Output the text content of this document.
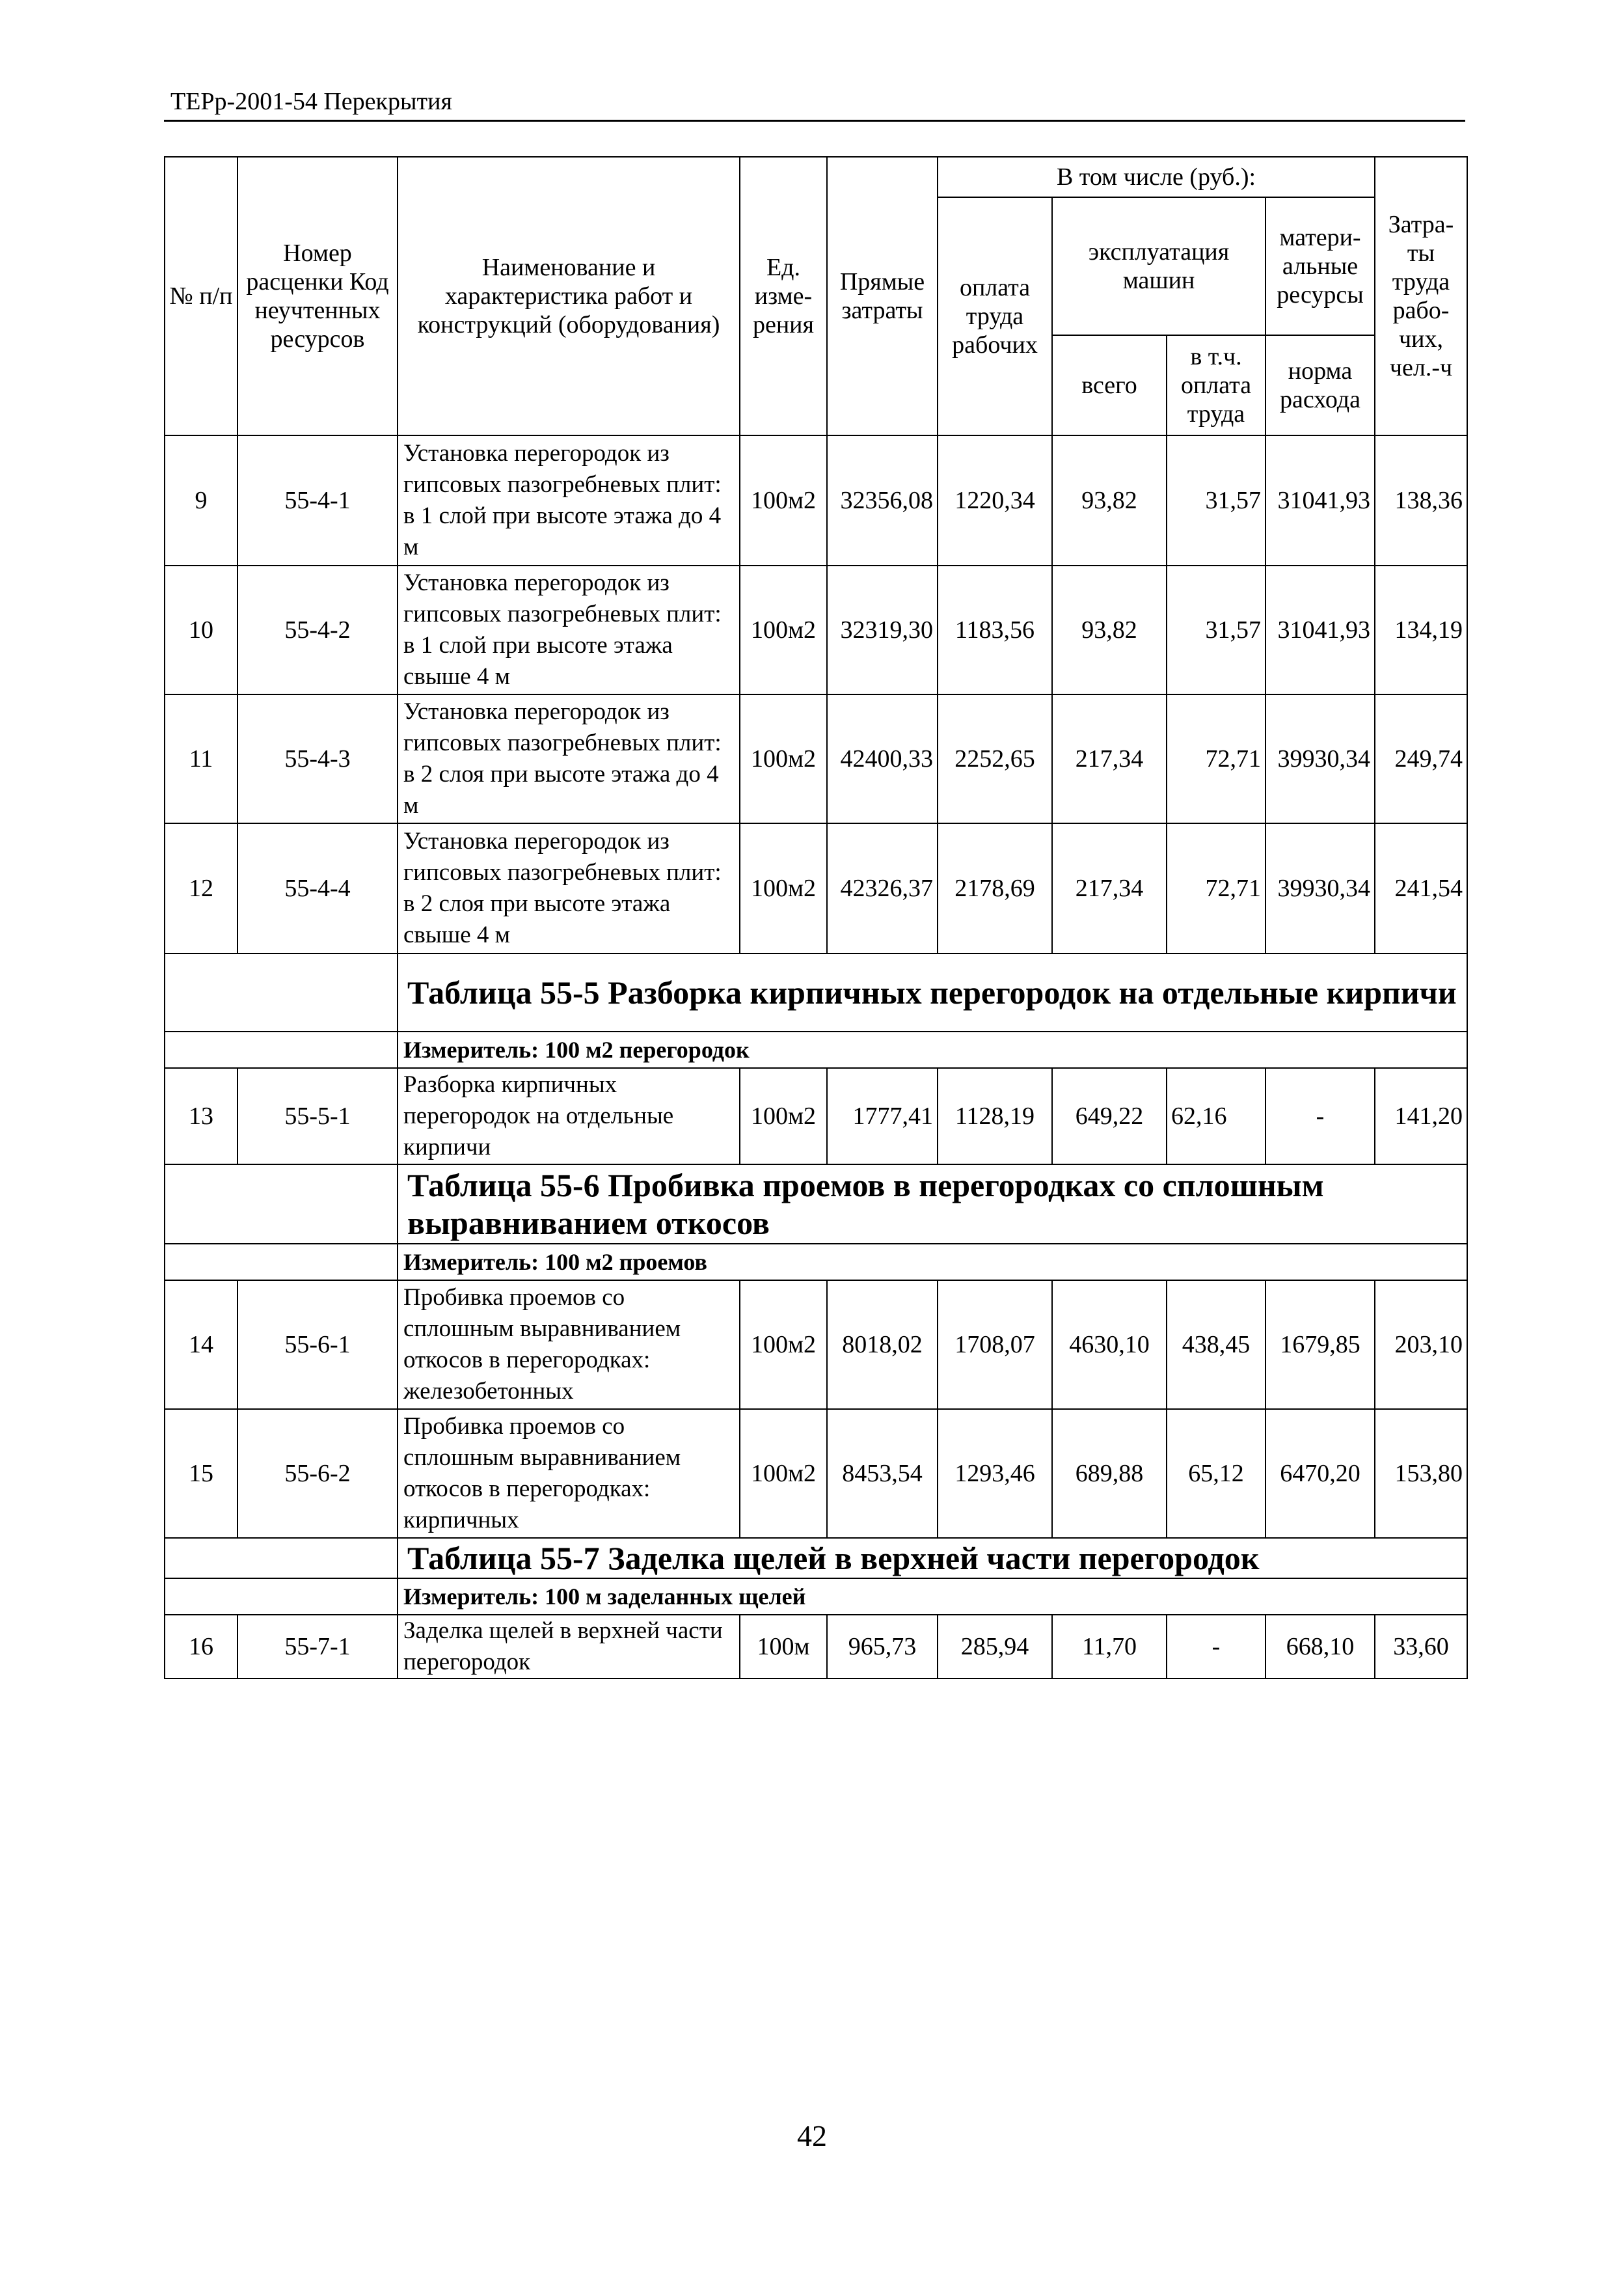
ТЕРр-2001-54 Перекрытия
№ п/п	Номер расценки Код неучтенных ресурсов	Наименование и характеристика работ и конструкций (оборудования)	Ед. изме- рения	Прямые затраты	В том числе (руб.):				Затра- ты труда рабо- чих, чел.-ч
					оплата труда рабочих	эксплуатация машин		матери- альные ресурсы	
						всего	в т.ч. оплата труда	норма расхода	
9	55-4-1	Установка перегородок из гипсовых пазогребневых плит: в 1 слой при высоте этажа до 4 м	100м2	32356,08	1220,34	93,82	31,57	31041,93	138,36
10	55-4-2	Установка перегородок из гипсовых пазогребневых плит: в 1 слой при высоте этажа свыше 4 м	100м2	32319,30	1183,56	93,82	31,57	31041,93	134,19
11	55-4-3	Установка перегородок из гипсовых пазогребневых плит: в 2 слоя при высоте этажа до 4 м	100м2	42400,33	2252,65	217,34	72,71	39930,34	249,74
12	55-4-4	Установка перегородок из гипсовых пазогребневых плит: в 2 слоя при высоте этажа свыше 4 м	100м2	42326,37	2178,69	217,34	72,71	39930,34	241,54
		Таблица 55-5 Разборка кирпичных перегородок на отдельные кирпичи							
		Измеритель: 100 м2 перегородок							
13	55-5-1	Разборка кирпичных перегородок на отдельные кирпичи	100м2	1777,41	1128,19	649,22	62,16	-	141,20
		Таблица 55-6 Пробивка проемов в перегородках со сплошным выравниванием откосов							
		Измеритель: 100 м2 проемов							
14	55-6-1	Пробивка проемов со сплошным выравниванием откосов в перегородках: железобетонных	100м2	8018,02	1708,07	4630,10	438,45	1679,85	203,10
15	55-6-2	Пробивка проемов со сплошным выравниванием откосов в перегородках: кирпичных	100м2	8453,54	1293,46	689,88	65,12	6470,20	153,80
		Таблица 55-7 Заделка щелей в верхней части перегородок							
		Измеритель: 100 м заделанных щелей							
16	55-7-1	Заделка щелей в верхней части перегородок	100м	965,73	285,94	11,70	-	668,10	33,60
42
